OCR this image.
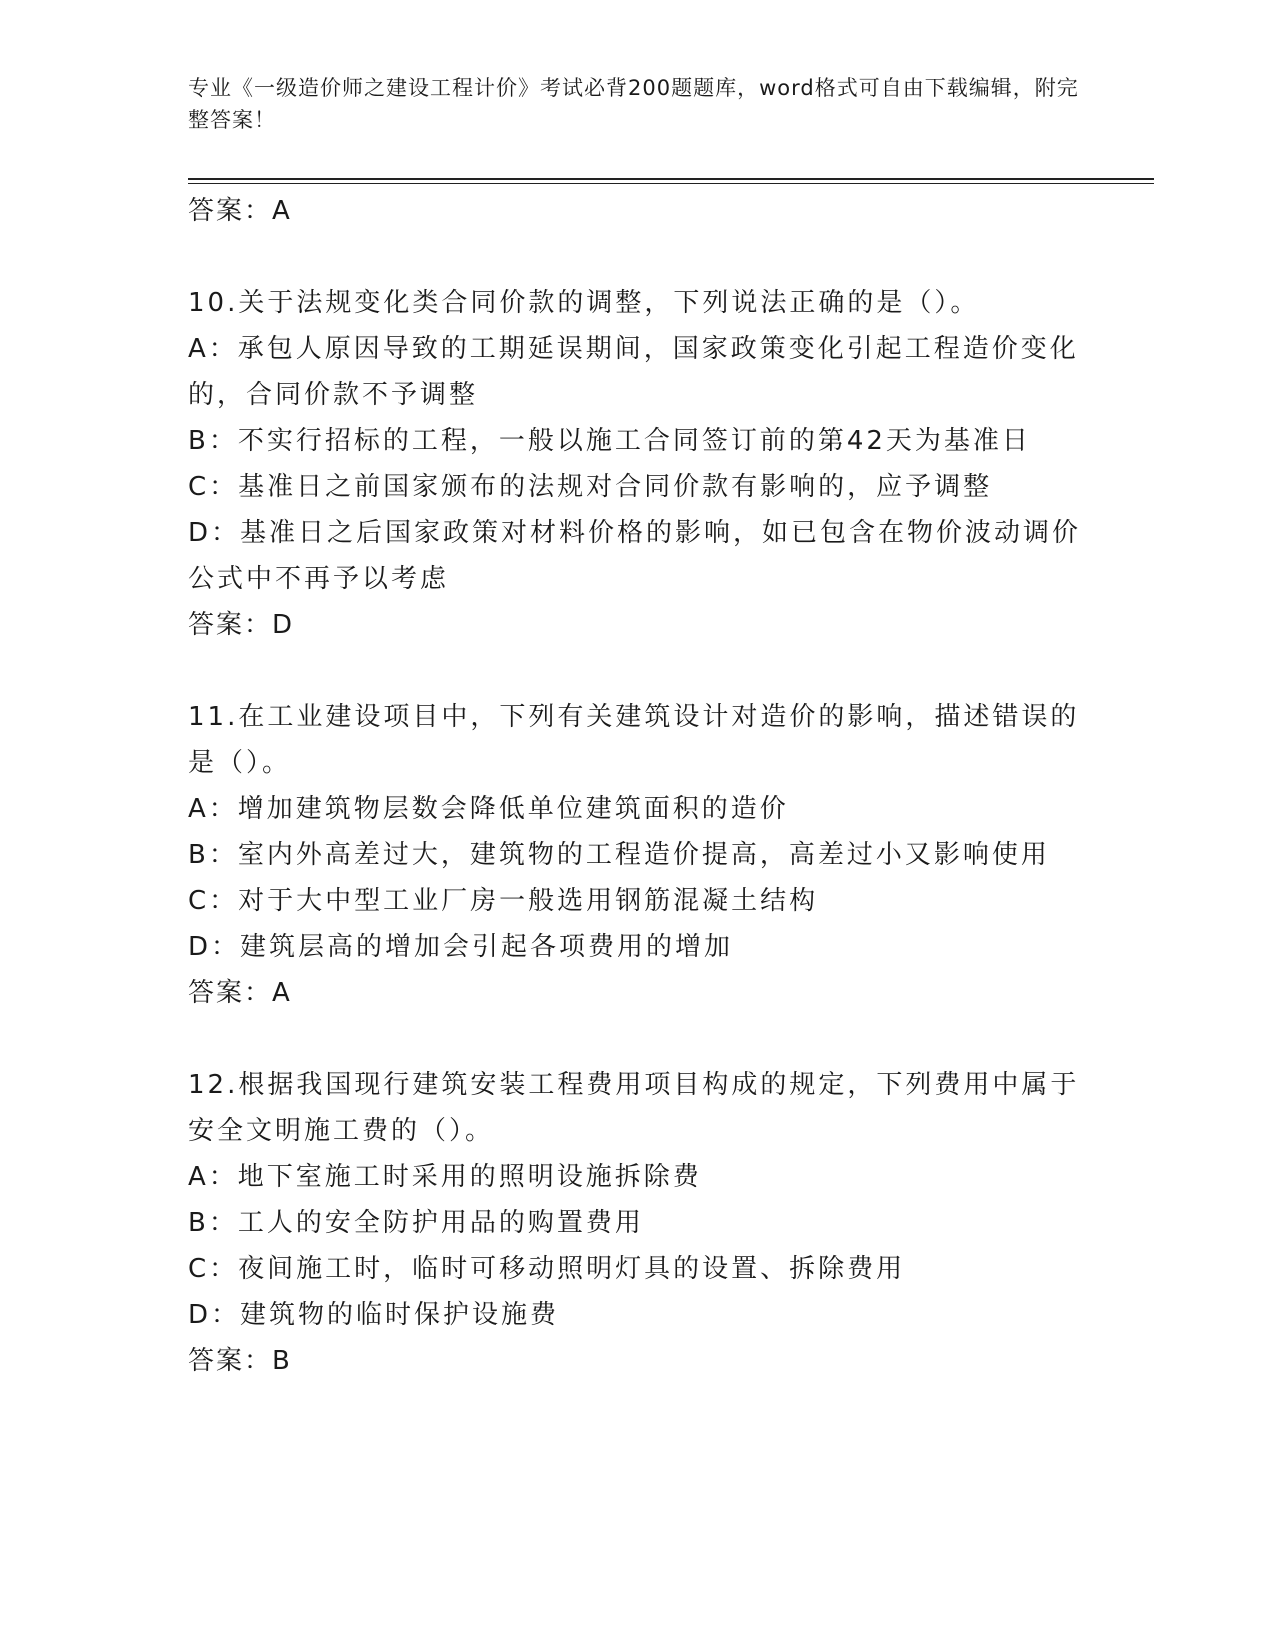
专业《一级造价师之建设工程计价》考试必背200题题库，word格式可自由下载编辑，附完整答案！
答案：A
10.关于法规变化类合同价款的调整，下列说法正确的是（）。
A：承包人原因导致的工期延误期间，国家政策变化引起工程造价变化
的，合同价款不予调整
B：不实行招标的工程，一般以施工合同签订前的第42天为基准日
C：基准日之前国家颁布的法规对合同价款有影响的，应予调整
D：基准日之后国家政策对材料价格的影响，如已包含在物价波动调价
公式中不再予以考虑
答案：D
11.在工业建设项目中，下列有关建筑设计对造价的影响，描述错误的
是（）。
A：增加建筑物层数会降低单位建筑面积的造价
B：室内外高差过大，建筑物的工程造价提高，高差过小又影响使用
C：对于大中型工业厂房一般选用钢筋混凝土结构
D：建筑层高的增加会引起各项费用的增加
答案：A
12.根据我国现行建筑安装工程费用项目构成的规定，下列费用中属于
安全文明施工费的（）。
A：地下室施工时采用的照明设施拆除费
B：工人的安全防护用品的购置费用
C：夜间施工时，临时可移动照明灯具的设置、拆除费用
D：建筑物的临时保护设施费
答案：B
